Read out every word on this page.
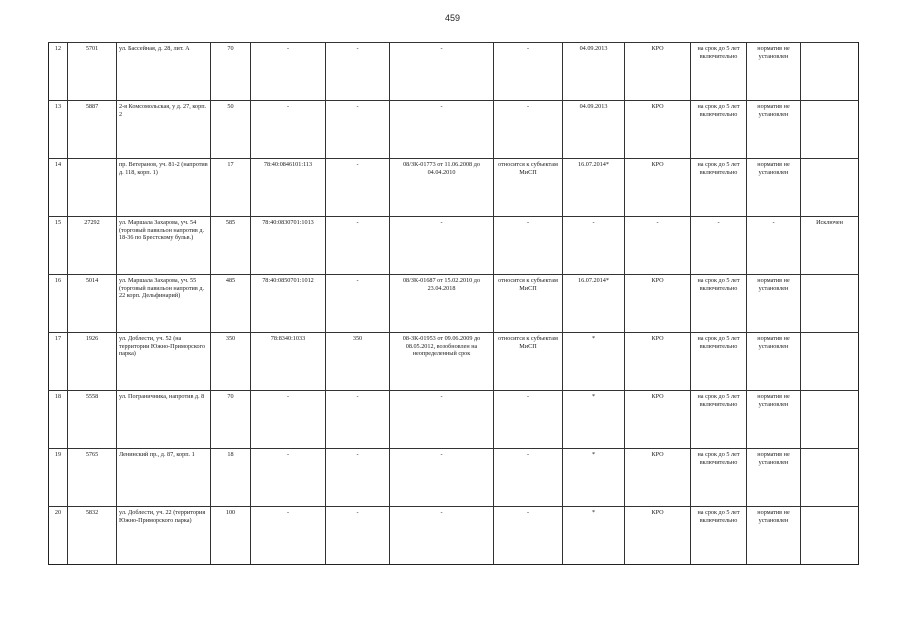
459
12	5701	ул. Бассейная, д. 28, лит. А	70	-	-	-	-	04.09.2013	КРО	на срок до 5 лет включительно	норматив не установлен	
13	5887	2-я Комсомольская, у д. 27, корп. 2	50	-	-	-	-	04.09.2013	КРО	на срок до 5 лет включительно	норматив не установлен	
14		пр. Ветеранов, уч. 81-2 (напротив д. 118, корп. 1)	17	78:40:0846101:113	-	08/ЗК-01773 от 11.06.2008 до 04.04.2010	относится к субъектам МиСП	16.07.2014*	КРО	на срок до 5 лет включительно	норматив не установлен	
15	27292	ул. Маршала Захарова, уч. 54 (торговый павильон напротив д. 18-36 по Брестскому бульв.)	585	78:40:0830701:1013	-	-	-	-	-	-	-	Исключен
16	5014	ул. Маршала Захарова, уч. 55 (торговый павильон напротив д. 22 корп. Дельфинарий)	485	78:40:0850701:1012	-	08/ЗК-01687 от 15.02.2010 до 23.04.2018	относится к субъектам МиСП	16.07.2014*	КРО	на срок до 5 лет включительно	норматив не установлен	
17	1926	ул. Доблести, уч. 52 (на территории Южно-Приморского парка)	350	78:8340:1033	350	08-ЗК-01953 от 09.06.2009 до 08.05.2012, возобновлен на неопределенный срок	относится к субъектам МиСП	*	КРО	на срок до 5 лет включительно	норматив не установлен	
18	5558	ул. Пограничника, напротив д. 8	70	-	-	-	-	*	КРО	на срок до 5 лет включительно	норматив не установлен	
19	5765	Ленинский пр., д. 87, корп. 1	18	-	-	-	-	*	КРО	на срок до 5 лет включительно	норматив не установлен	
20	5832	ул. Доблести, уч. 22 (территория Южно-Приморского парка)	100	-	-	-	-	*	КРО	на срок до 5 лет включительно	норматив не установлен	
